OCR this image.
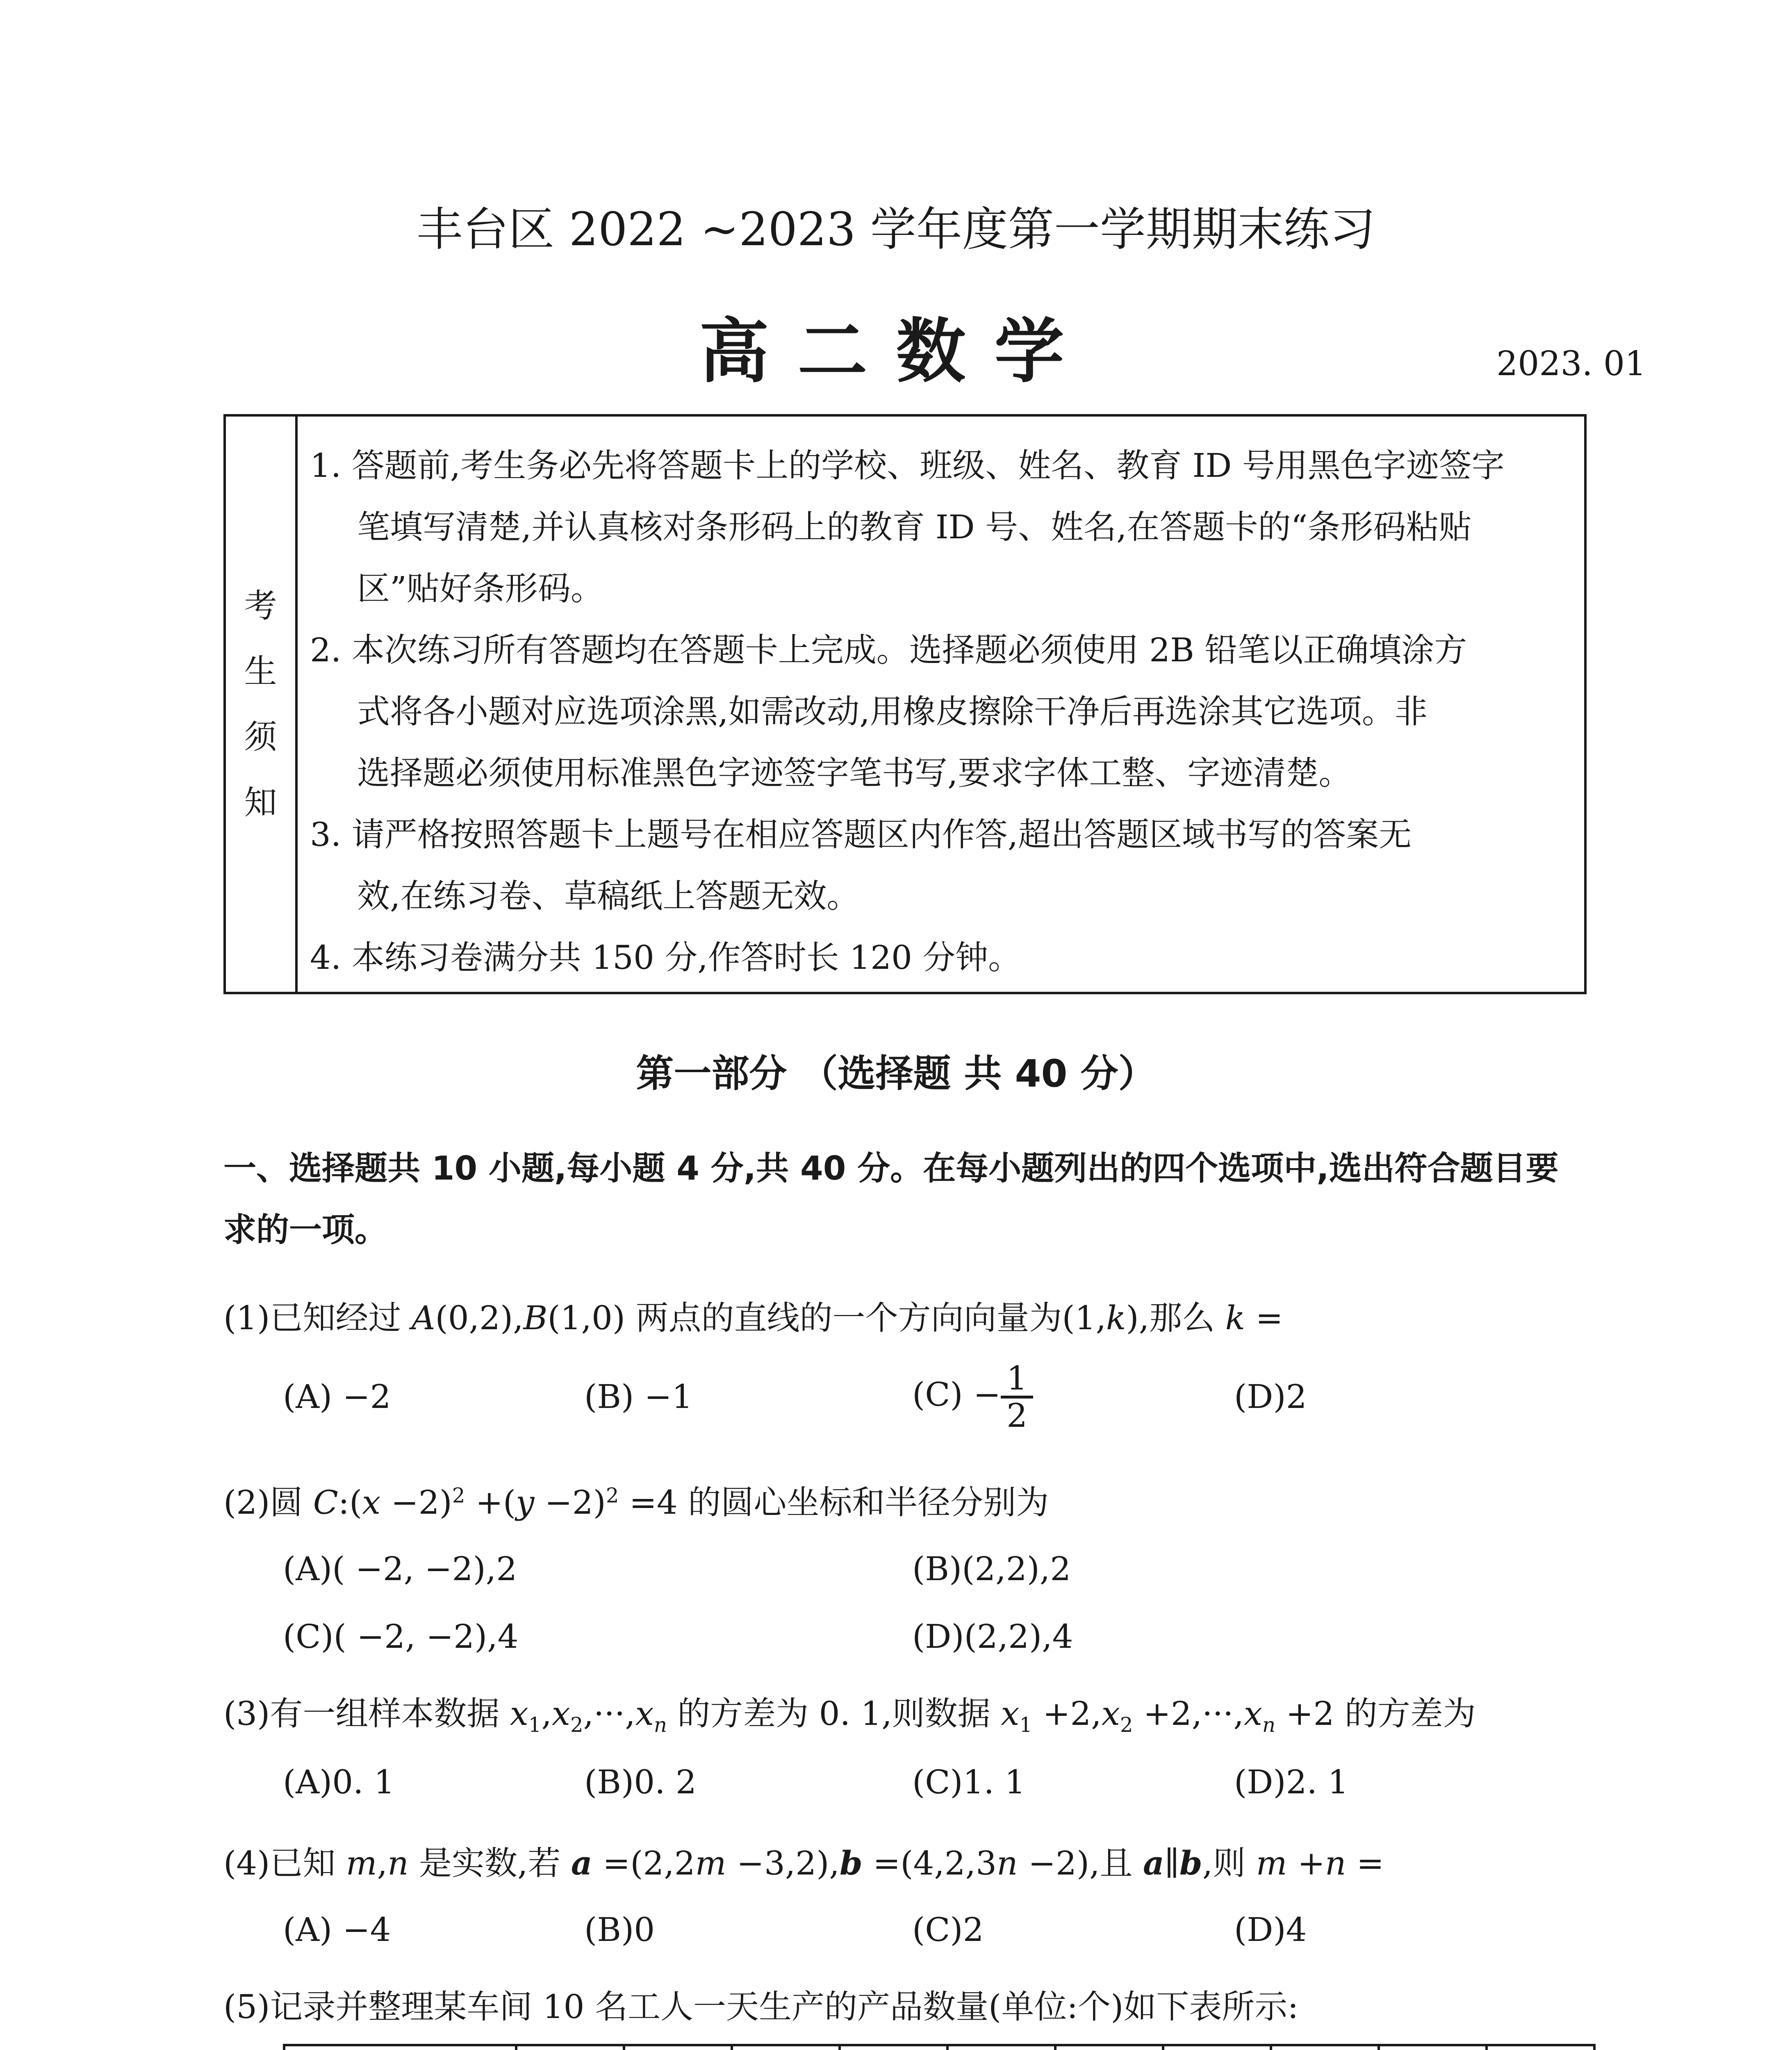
丰台区 2022 ~2023 学年度第一学期期末练习
高二数学	2023. 01
考生须知
1. 答题前,考生务必先将答题卡上的学校、班级、姓名、教育 ID 号用黑色字迹签字
笔填写清楚,并认真核对条形码上的教育 ID 号、姓名,在答题卡的“条形码粘贴
区”贴好条形码。
2. 本次练习所有答题均在答题卡上完成。选择题必须使用 2B 铅笔以正确填涂方
式将各小题对应选项涂黑,如需改动,用橡皮擦除干净后再选涂其它选项。非
选择题必须使用标准黑色字迹签字笔书写,要求字体工整、字迹清楚。
3. 请严格按照答题卡上题号在相应答题区内作答,超出答题区域书写的答案无
效,在练习卷、草稿纸上答题无效。
4. 本练习卷满分共 150 分,作答时长 120 分钟。
第一部分 （选择题 共 40 分）
一、选择题共 10 小题,每小题 4 分,共 40 分。在每小题列出的四个选项中,选出符合题目要求的一项。
(1)已知经过 A(0,2),B(1,0) 两点的直线的一个方向向量为(1,k),那么 k =
(A) −2	(B) −1	$(C) - \frac{1}{2}$	(D)2
(2)圆 C:(x $-2)^2 +(y -2)^2 =4$ 的圆心坐标和半径分别为
(A)( −2, −2),2	(B)(2,2),2
(C)( −2, −2),4	(D)(2,2),4
(3)有一组样本数据 $x_1,x_2,\cdot\cdot\cdot,x_n$ 的方差为 0. 1,则数据 $x_1 +2,x_2 +2,\cdot\cdot\cdot,x_n +2$ 的方差为
(A)0. 1	(B)0. 2	(C)1. 1	(D)2. 1
(4)已知 m,n 是实数,若 a =(2,2m −3,2),b =(4,2,3n −2),且 a∥b,则 m +n =
(A) −4	(B)0	(C)2	(D)4
(5)记录并整理某车间 10 名工人一天生产的产品数量(单位:个)如下表所示:
